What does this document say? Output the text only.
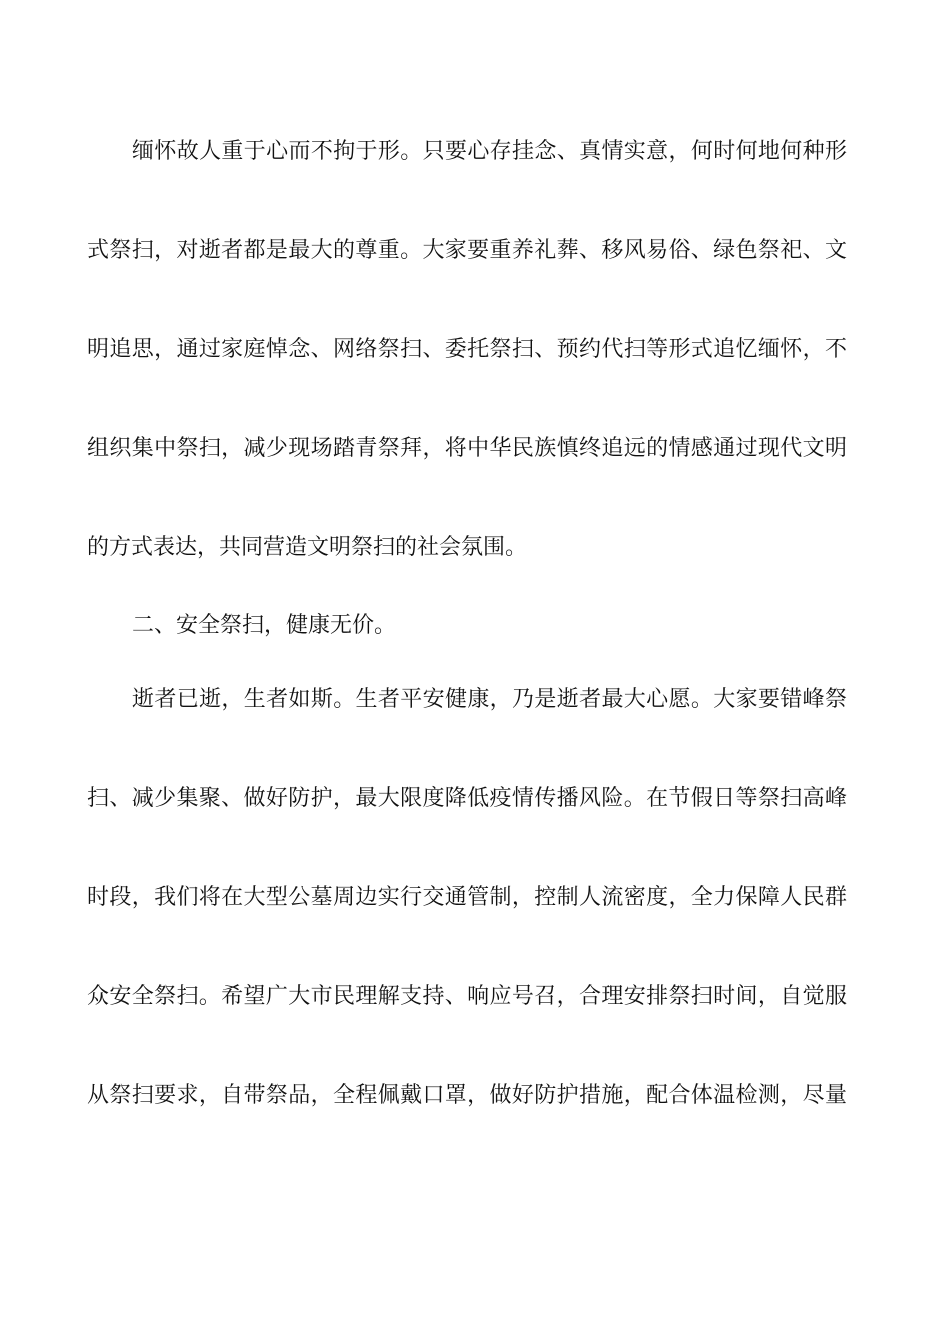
缅怀故人重于心而不拘于形。只要心存挂念、真情实意，何时何地何种形
式祭扫，对逝者都是最大的尊重。大家要重养礼葬、移风易俗、绿色祭祀、文
明追思，通过家庭悼念、网络祭扫、委托祭扫、预约代扫等形式追忆缅怀，不
组织集中祭扫，减少现场踏青祭拜，将中华民族慎终追远的情感通过现代文明
的方式表达，共同营造文明祭扫的社会氛围。
二、安全祭扫，健康无价。
逝者已逝，生者如斯。生者平安健康，乃是逝者最大心愿。大家要错峰祭
扫、减少集聚、做好防护，最大限度降低疫情传播风险。在节假日等祭扫高峰
时段，我们将在大型公墓周边实行交通管制，控制人流密度，全力保障人民群
众安全祭扫。希望广大市民理解支持、响应号召，合理安排祭扫时间，自觉服
从祭扫要求，自带祭品，全程佩戴口罩，做好防护措施，配合体温检测，尽量
